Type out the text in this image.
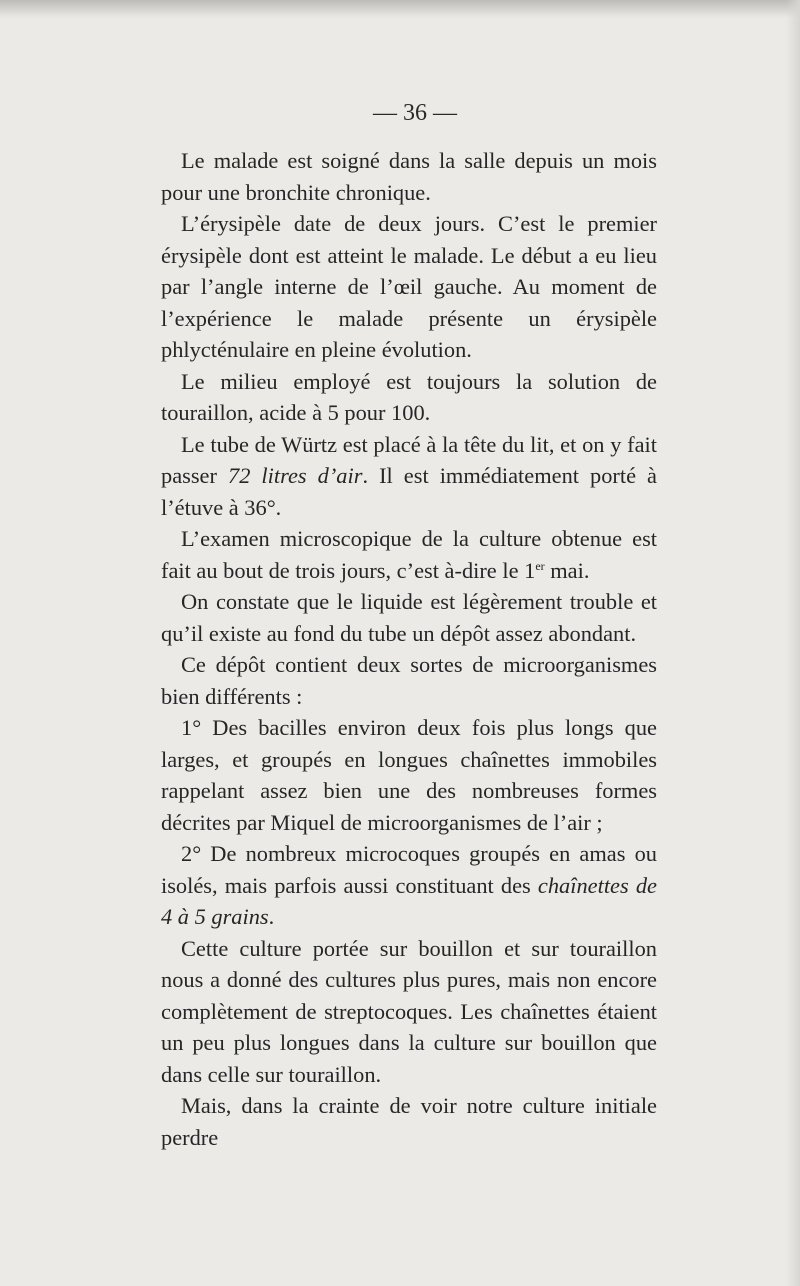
— 36 —

Le malade est soigné dans la salle depuis un mois pour une bronchite chronique.

L’érysipèle date de deux jours. C’est le premier érysipèle dont est atteint le malade. Le début a eu lieu par l’angle interne de l’œil gauche. Au moment de l’expérience le malade présente un érysipèle phlycténulaire en pleine évolution.

Le milieu employé est toujours la solution de touraillon, acide à 5 pour 100.

Le tube de Würtz est placé à la tête du lit, et on y fait passer 72 litres d’air. Il est immédiatement porté à l’étuve à 36°.

L’examen microscopique de la culture obtenue est fait au bout de trois jours, c’est à-dire le 1er mai.

On constate que le liquide est légèrement trouble et qu’il existe au fond du tube un dépôt assez abondant.

Ce dépôt contient deux sortes de microorganismes bien différents :

1° Des bacilles environ deux fois plus longs que larges, et groupés en longues chaînettes immobiles rappelant assez bien une des nombreuses formes décrites par Miquel de microorganismes de l’air ;

2° De nombreux microcoques groupés en amas ou isolés, mais parfois aussi constituant des chaînettes de 4 à 5 grains.

Cette culture portée sur bouillon et sur touraillon nous a donné des cultures plus pures, mais non encore complètement de streptocoques. Les chaînettes étaient un peu plus longues dans la culture sur bouillon que dans celle sur touraillon.

Mais, dans la crainte de voir notre culture initiale perdre
